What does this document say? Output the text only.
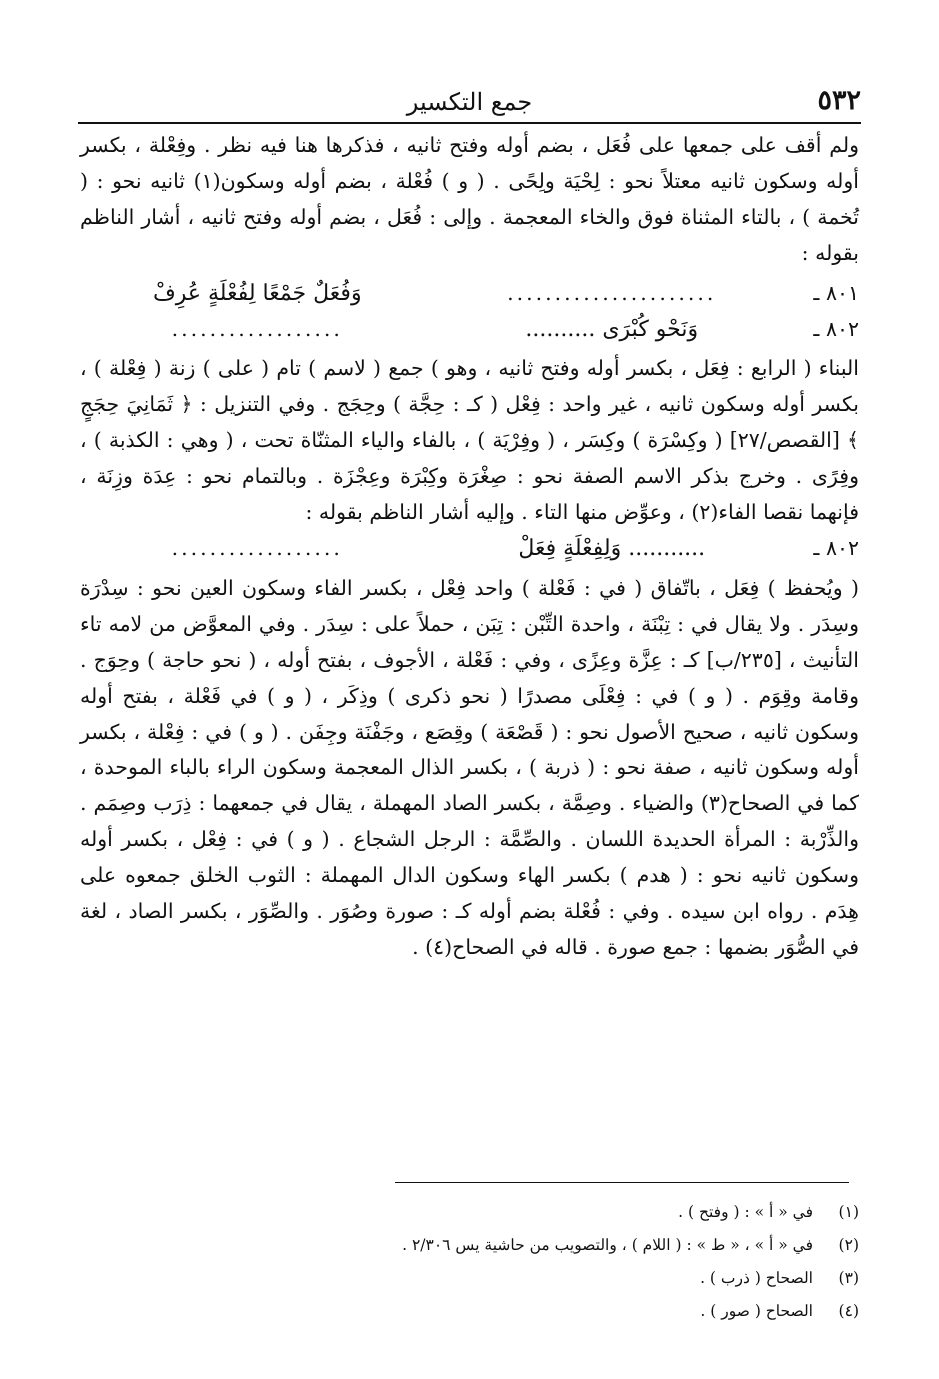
٥٣٢
جمع التكسير

ولم أقف على جمعها على فُعَل ، بضم أوله وفتح ثانيه ، فذكرها هنا فيه نظر . وفِعْلة ، بكسر أوله وسكون ثانيه معتلاً نحو : لِحْيَة ولِحًى . ( و ) فُعْلة ، بضم أوله وسكون(١) ثانيه نحو : ( تُخمة ) ، بالتاء المثناة فوق والخاء المعجمة . وإلى : فُعَل ، بضم أوله وفتح ثانيه ، أشار الناظم بقوله :

٨٠١ ـ
......................
وَفُعَلٌ جَمْعًا لِفُعْلَةٍ عُرِفْ
٨٠٢ ـ
وَنَحْو كُبْرَى ..........
..................

البناء ( الرابع : فِعَل ، بكسر أوله وفتح ثانيه ، وهو ) جمع ( لاسم ) تام ( على ) زنة ( فِعْلة ) ، بكسر أوله وسكون ثانيه ، غير واحد : فِعْل ( كـ : حِجَّة ) وحِجَج . وفي التنزيل : ﴿ ثَمَانِيَ حِجَجٍ ﴾ [القصص/٢٧] ( وكِسْرَة ) وكِسَر ، ( وفِرْيَة ) ، بالفاء والياء المثنّاة تحت ، ( وهي : الكذبة ) ، وفِرًى . وخرج بذكر الاسم الصفة نحو : صِغْرَة وكِبْرَة وعِجْزَة . وبالتمام نحو : عِدَة وزِنَة ، فإنهما نقصا الفاء(٢) ، وعوِّض منها التاء . وإليه أشار الناظم بقوله :

٨٠٢ ـ
........... وَلِفِعْلَةٍ فِعَلْ
..................

( ويُحفظ ) فِعَل ، باتّفاق ( في : فَعْلة ) واحد فِعْل ، بكسر الفاء وسكون العين نحو : سِدْرَة وسِدَر . ولا يقال في : تِبْنَة ، واحدة التِّبْن : تِبَن ، حملاً على : سِدَر . وفي المعوَّض من لامه تاء التأنيث ، [٢٣٥/ب] كـ : عِزَّة وعِزًى ، وفي : فَعْلة ، الأجوف ، بفتح أوله ، ( نحو حاجة ) وحِوَج . وقامة وقِوَم . ( و ) في : فِعْلَى مصدرًا ( نحو ذكرى ) وذِكَر ، ( و ) في فَعْلة ، بفتح أوله وسكون ثانيه ، صحيح الأصول نحو : ( قَصْعَة ) وقِصَع ، وجَفْنَة وجِفَن . ( و ) في : فِعْلة ، بكسر أوله وسكون ثانيه ، صفة نحو : ( ذربة ) ، بكسر الذال المعجمة وسكون الراء بالباء الموحدة ، كما في الصحاح(٣) والضياء . وصِمَّة ، بكسر الصاد المهملة ، يقال في جمعهما : ذِرَب وصِمَم . والذِّرْبة : المرأة الحديدة اللسان . والصِّمَّة : الرجل الشجاع . ( و ) في : فِعْل ، بكسر أوله وسكون ثانيه نحو : ( هدم ) بكسر الهاء وسكون الدال المهملة : الثوب الخلق جمعوه على هِدَم . رواه ابن سيده . وفي : فُعْلة بضم أوله كـ : صورة وصُوَر . والصِّوَر ، بكسر الصاد ، لغة في الصُّوَر بضمها : جمع صورة . قاله في الصحاح(٤) .

(١)
في « أ » : ( وفتح ) .
(٢)
في « أ » ، « ط » : ( اللام ) ، والتصويب من حاشية يس ٢/٣٠٦ .
(٣)
الصحاح ( ذرب ) .
(٤)
الصحاح ( صور ) .
